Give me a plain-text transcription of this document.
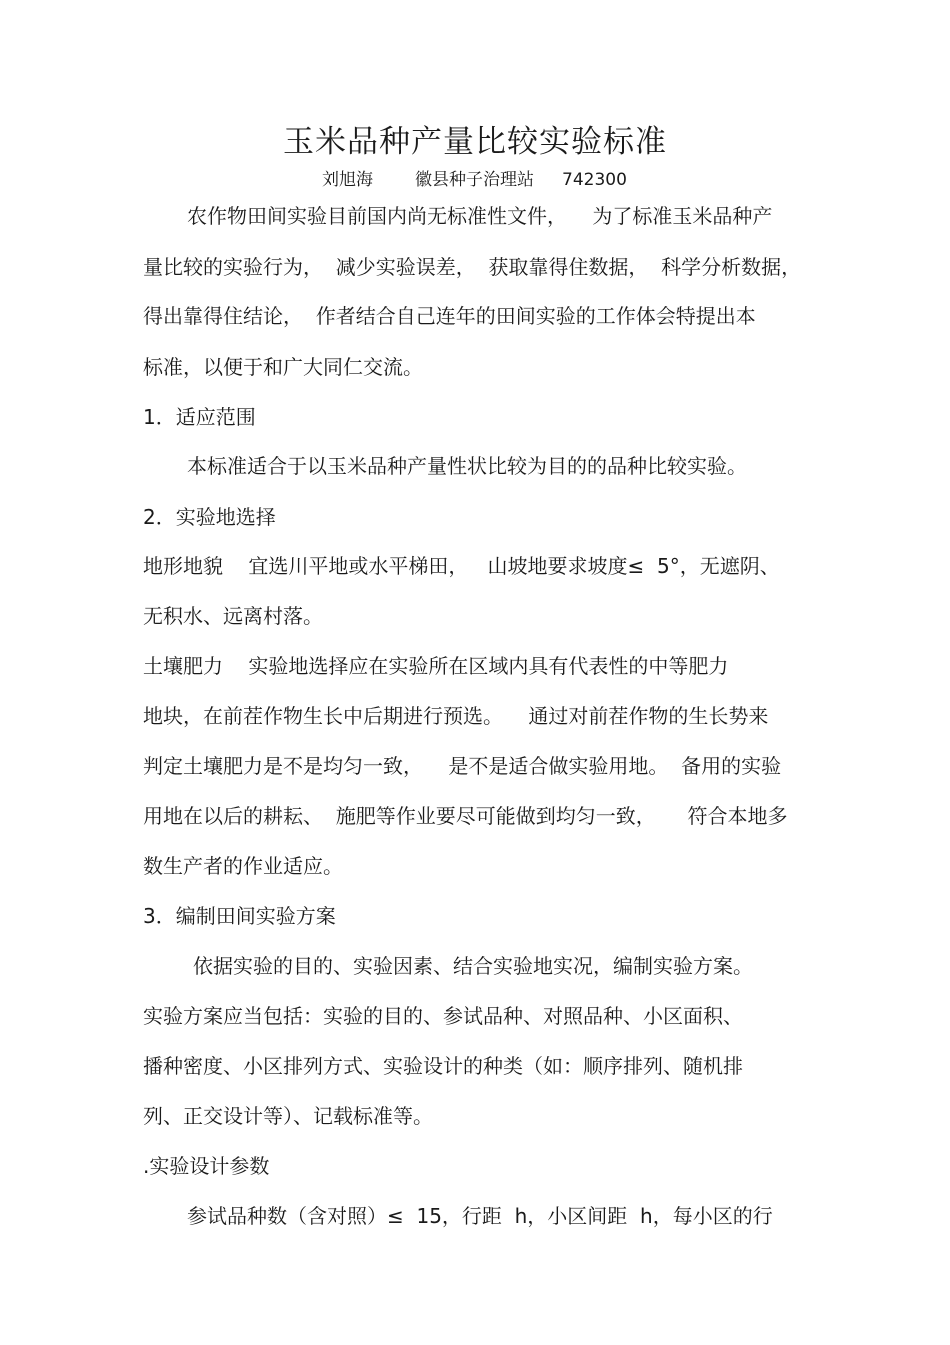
玉米品种产量比较实验标准
刘旭海 徽县种子治理站 742300
农作物田间实验目前国内尚无标准性文件，    为了标准玉米品种产
量比较的实验行为，  减少实验误差，  获取靠得住数据，  科学分析数据，
得出靠得住结论，  作者结合自己连年的田间实验的工作体会特提出本
标准，以便于和广大同仁交流。
1．适应范围
本标准适合于以玉米品种产量性状比较为目的的品种比较实验。
2．实验地选择
地形地貌    宜选川平地或水平梯田，   山坡地要求坡度≤  5°，无遮阴、
无积水、远离村落。
土壤肥力    实验地选择应在实验所在区域内具有代表性的中等肥力
地块，在前茬作物生长中后期进行预选。    通过对前茬作物的生长势来
判定土壤肥力是不是均匀一致，    是不是适合做实验用地。  备用的实验
用地在以后的耕耘、  施肥等作业要尽可能做到均匀一致，     符合本地多
数生产者的作业适应。
3．编制田间实验方案
依据实验的目的、实验因素、结合实验地实况，编制实验方案。
实验方案应当包括：实验的目的、参试品种、对照品种、小区面积、
播种密度、小区排列方式、实验设计的种类（如：顺序排列、随机排
列、正交设计等）、记载标准等。
.实验设计参数
参试品种数（含对照）≤  15，行距  h，小区间距  h，每小区的行
